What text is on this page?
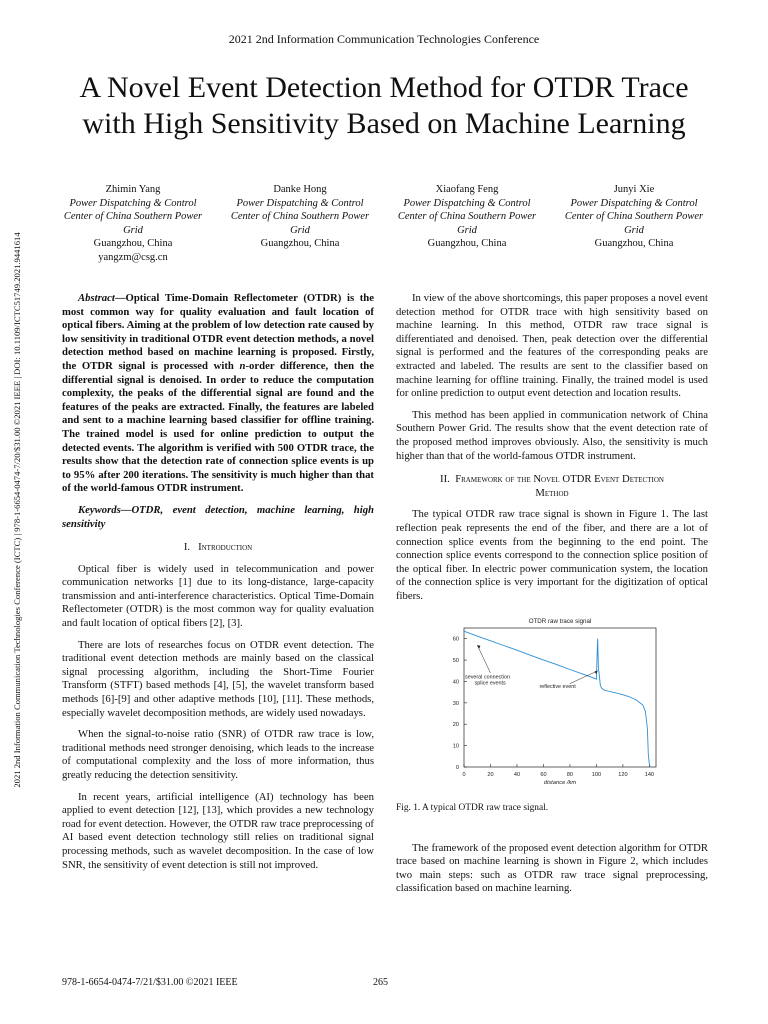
2021 2nd Information Communication Technologies Conference
A Novel Event Detection Method for OTDR Trace
with High Sensitivity Based on Machine Learning
2021 2nd Information Communication Technologies Conference (ICTC) | 978-1-6654-0474-7/20/$31.00 ©2021 IEEE | DOI: 10.1109/ICTC51749.2021.9441614
Zhimin Yang
Power Dispatching & Control
Center of China Southern Power
Grid
Guangzhou, China
yangzm@csg.cn
Danke Hong
Power Dispatching & Control
Center of China Southern Power
Grid
Guangzhou, China
Xiaofang Feng
Power Dispatching & Control
Center of China Southern Power
Grid
Guangzhou, China
Junyi Xie
Power Dispatching & Control
Center of China Southern Power
Grid
Guangzhou, China

Abstract—Optical Time-Domain Reflectometer (OTDR) is the most common way for quality evaluation and fault location of optical fibers. Aiming at the problem of low detection rate caused by low sensitivity in traditional OTDR event detection methods, a novel detection method based on machine learning is proposed. Firstly, the OTDR signal is processed with n-order difference, then the differential signal is denoised. In order to reduce the computation complexity, the peaks of the differential signal are found and the features of the peaks are extracted. Finally, the features are labeled and sent to a machine learning based classifier for offline training. The trained model is used for online prediction to output the detected events. The algorithm is verified with 500 OTDR trace, the results show that the detection rate of connection splice events is up to 95% after 200 iterations. The sensitivity is much higher than that of the world-famous OTDR instrument.

Keywords—OTDR, event detection, machine learning, high sensitivity

I. Introduction

Optical fiber is widely used in telecommunication and power communication networks [1] due to its long-distance, large-capacity transmission and anti-interference characteristics. Optical Time-Domain Reflectometer (OTDR) is the most common way for quality evaluation and fault location of optical fibers [2], [3].

There are lots of researches focus on OTDR event detection. The traditional event detection methods are mainly based on the classical signal processing algorithm, including the Short-Time Fourier Transform (STFT) based methods [4], [5], the wavelet transform based methods [6]-[9] and other adaptive methods [10], [11]. These methods, especially wavelet decomposition methods, are widely used nowadays.

When the signal-to-noise ratio (SNR) of OTDR raw trace is low, traditional methods need stronger denoising, which leads to the increase of computational complexity and the loss of more information, thus greatly reducing the detection sensitivity.

In recent years, artificial intelligence (AI) technology has been applied to event detection [12], [13], which provides a new technology road for event detection. However, the OTDR raw trace preprocessing of AI based event detection technology still relies on traditional signal processing methods, such as wavelet decomposition. In the case of low SNR, the sensitivity of event detection is still not improved.

In view of the above shortcomings, this paper proposes a novel event detection method for OTDR trace with high sensitivity based on machine learning. In this method, OTDR raw trace signal is differentiated and denoised. Then, peak detection over the differential signal is performed and the features of the corresponding peaks are extracted and labeled. The results are sent to the classifier based on machine learning for offline training. Finally, the trained model is used for online prediction to output event detection and location results.

This method has been applied in communication network of China Southern Power Grid. The results show that the event detection rate of the proposed method improves obviously. Also, the sensitivity is much higher than that of the world-famous OTDR instrument.

II. Framework of the Novel OTDR Event Detection
Method

The typical OTDR raw trace signal is shown in Figure 1. The last reflection peak represents the end of the fiber, and there are a lot of connection splice events from the beginning to the end point. The connection splice events correspond to the connection splice position of the optical fiber. In electric power communication system, the location of the connection splice is very important for the digitization of optical fibers.

OTDR raw trace signal
0	20	40	60	80	100	120	140
0
10
20
30
40
50
60
distance /km
several connection
splice events
reflective event
Fig. 1. A typical OTDR raw trace signal.

The framework of the proposed event detection algorithm for OTDR trace based on machine learning is shown in Figure 2, which includes two main steps: such as OTDR raw trace signal preprocessing, classification based on machine learning.

978-1-6654-0474-7/21/$31.00 ©2021 IEEE	265
